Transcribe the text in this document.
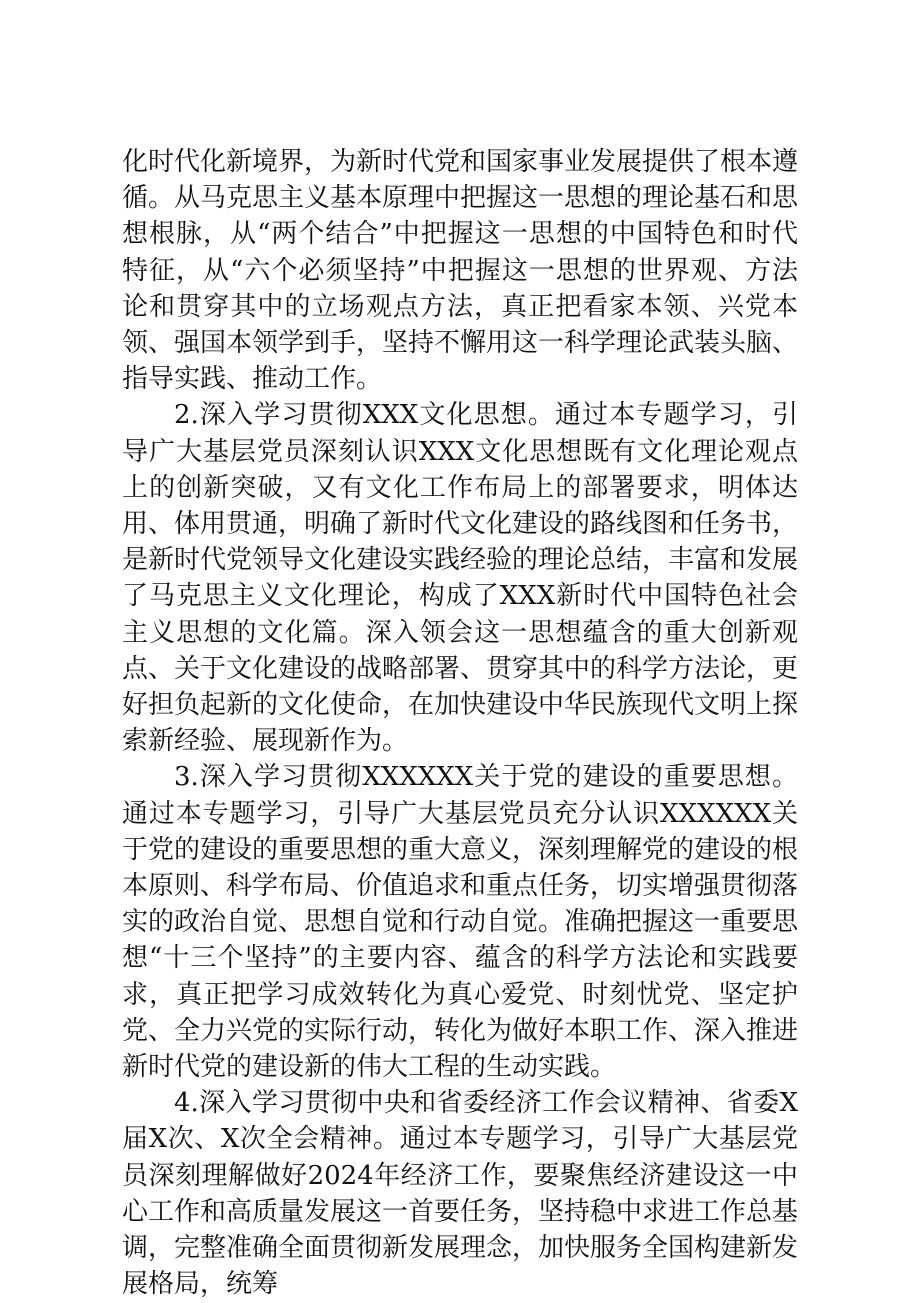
化时代化新境界，为新时代党和国家事业发展提供了根本遵循。从马克思主义基本原理中把握这一思想的理论基石和思想根脉，从“两个结合”中把握这一思想的中国特色和时代特征，从“六个必须坚持”中把握这一思想的世界观、方法论和贯穿其中的立场观点方法，真正把看家本领、兴党本领、强国本领学到手，坚持不懈用这一科学理论武装头脑、指导实践、推动工作。

2.深入学习贯彻XXX文化思想。通过本专题学习，引导广大基层党员深刻认识XXX文化思想既有文化理论观点上的创新突破，又有文化工作布局上的部署要求，明体达用、体用贯通，明确了新时代文化建设的路线图和任务书，是新时代党领导文化建设实践经验的理论总结，丰富和发展了马克思主义文化理论，构成了XXX新时代中国特色社会主义思想的文化篇。深入领会这一思想蕴含的重大创新观点、关于文化建设的战略部署、贯穿其中的科学方法论，更好担负起新的文化使命，在加快建设中华民族现代文明上探索新经验、展现新作为。

3.深入学习贯彻XXXXXX关于党的建设的重要思想。通过本专题学习，引导广大基层党员充分认识XXXXXX关于党的建设的重要思想的重大意义，深刻理解党的建设的根本原则、科学布局、价值追求和重点任务，切实增强贯彻落实的政治自觉、思想自觉和行动自觉。准确把握这一重要思想“十三个坚持”的主要内容、蕴含的科学方法论和实践要求，真正把学习成效转化为真心爱党、时刻忧党、坚定护党、全力兴党的实际行动，转化为做好本职工作、深入推进新时代党的建设新的伟大工程的生动实践。

4.深入学习贯彻中央和省委经济工作会议精神、省委X届X次、X次全会精神。通过本专题学习，引导广大基层党员深刻理解做好2024年经济工作，要聚焦经济建设这一中心工作和高质量发展这一首要任务，坚持稳中求进工作总基调，完整准确全面贯彻新发展理念，加快服务全国构建新发展格局，统筹
